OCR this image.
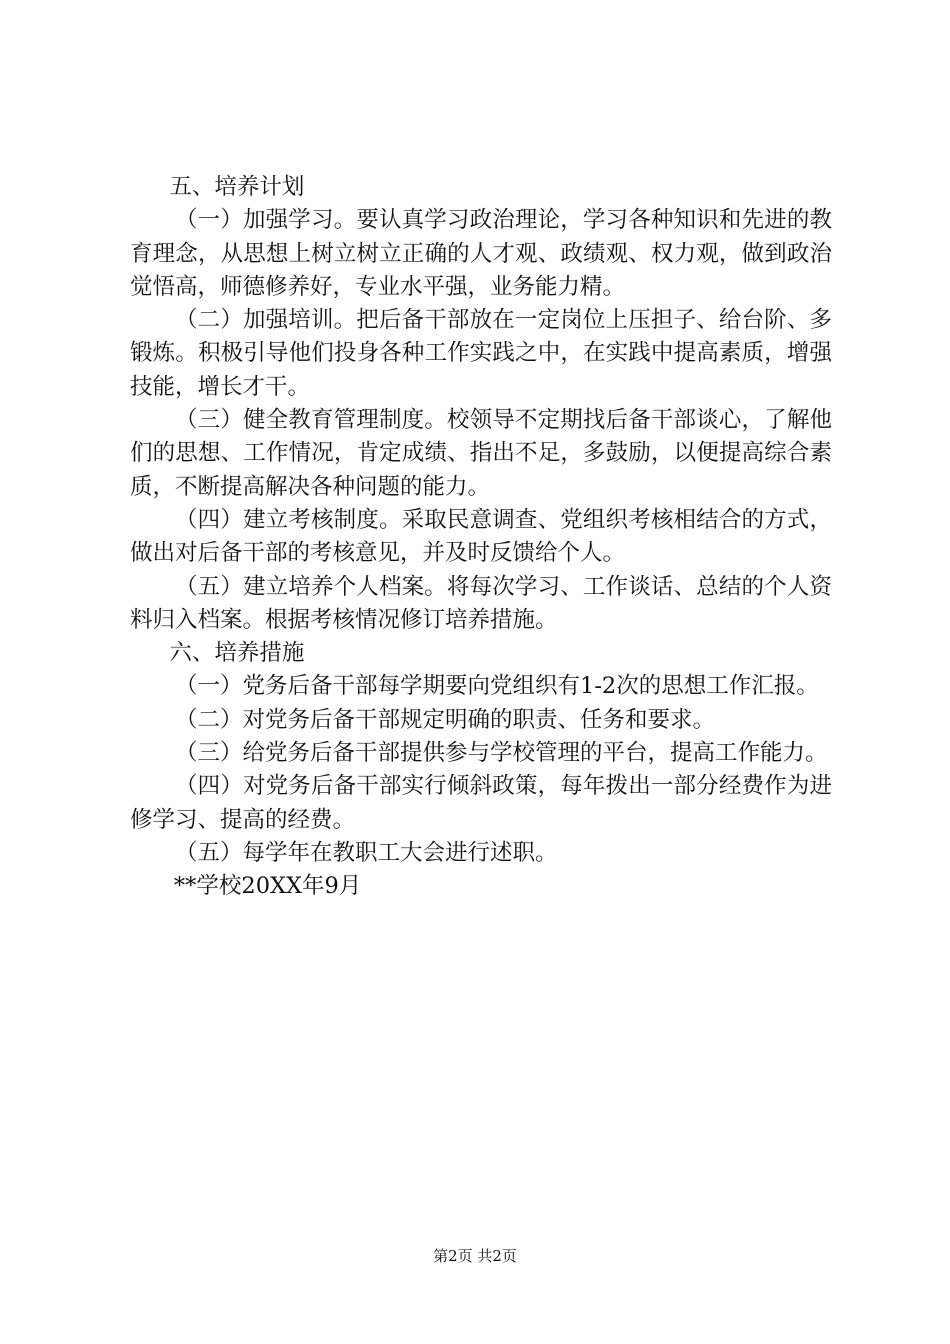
五、培养计划

（一）加强学习。要认真学习政治理论，学习各种知识和先进的教育理念，从思想上树立树立正确的人才观、政绩观、权力观，做到政治觉悟高，师德修养好，专业水平强，业务能力精。

（二）加强培训。把后备干部放在一定岗位上压担子、给台阶、多锻炼。积极引导他们投身各种工作实践之中，在实践中提高素质，增强技能，增长才干。

（三）健全教育管理制度。校领导不定期找后备干部谈心，了解他们的思想、工作情况，肯定成绩、指出不足，多鼓励，以便提高综合素质，不断提高解决各种问题的能力。

（四）建立考核制度。采取民意调查、党组织考核相结合的方式，做出对后备干部的考核意见，并及时反馈给个人。

（五）建立培养个人档案。将每次学习、工作谈话、总结的个人资料归入档案。根据考核情况修订培养措施。

六、培养措施

（一）党务后备干部每学期要向党组织有1-2次的思想工作汇报。

（二）对党务后备干部规定明确的职责、任务和要求。

（三）给党务后备干部提供参与学校管理的平台，提高工作能力。

（四）对党务后备干部实行倾斜政策，每年拨出一部分经费作为进修学习、提高的经费。

（五）每学年在教职工大会进行述职。

**学校20XX年9月

第2页 共2页
